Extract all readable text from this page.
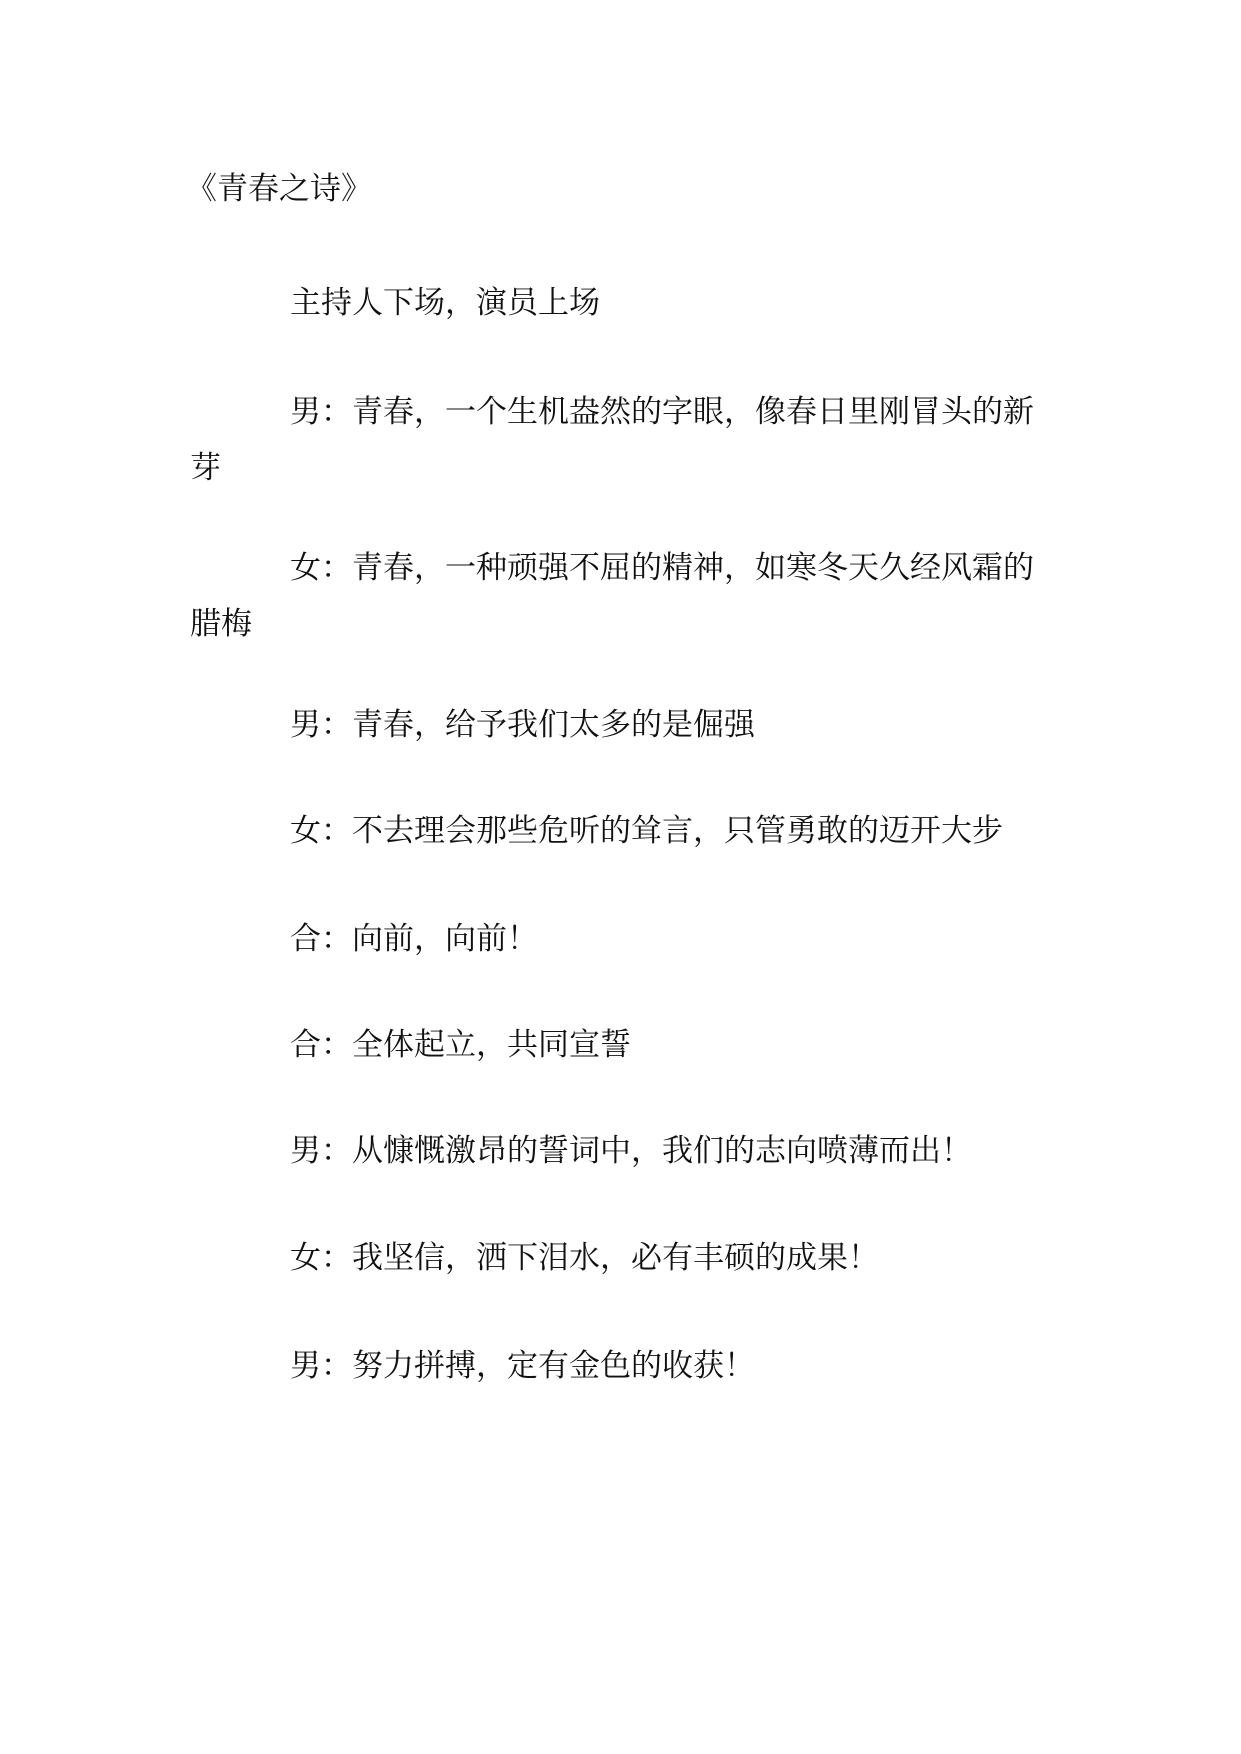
《青春之诗》
主持人下场，演员上场
男：青春，一个生机盎然的字眼，像春日里刚冒头的新芽
女：青春，一种顽强不屈的精神，如寒冬天久经风霜的腊梅
男：青春，给予我们太多的是倔强
女：不去理会那些危听的耸言，只管勇敢的迈开大步
合：向前，向前！
合：全体起立，共同宣誓
男：从慷慨激昂的誓词中，我们的志向喷薄而出！
女：我坚信，洒下泪水，必有丰硕的成果！
男：努力拼搏，定有金色的收获！
